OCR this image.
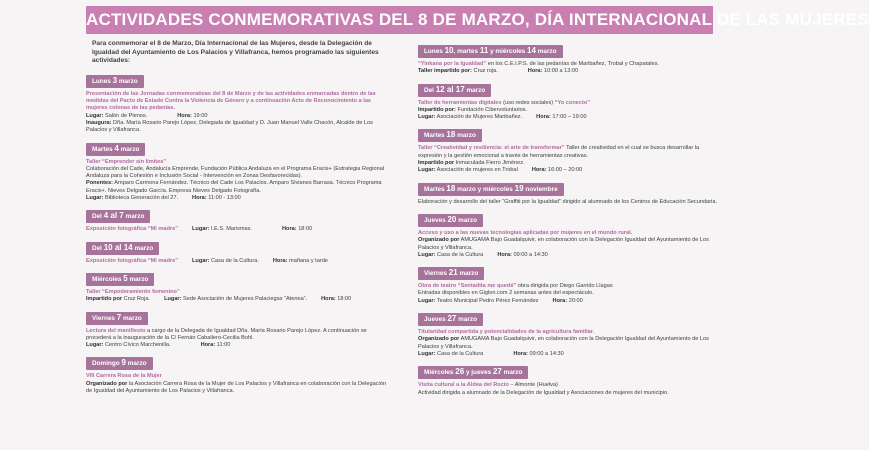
ACTIVIDADES CONMEMORATIVAS DEL 8 DE MARZO, DÍA INTERNACIONAL DE LAS MUJERES
Para conmemorar el 8 de Marzo, Día Internacional de las Mujeres, desde la Delegación de Igualdad del Ayuntamiento de Los Palacios y Villafranca, hemos programado las siguientes actividades:
Lunes 3 marzo
Presentación de las Jornadas conmemorativas del 8 de Marzo y de las actividades enmarcadas dentro de las medidas del Pacto de Estado Contra la Violencia de Género y a continuación Acto de Reconocimiento a las mujeres colonas de las pedanías.
Lugar: Salón de Plenos.	Hora: 19:00
Inaugura: Dña. María Rosario Parejo López, Delegada de Igualdad y D. Juan Manuel Valle Chacón, Alcalde de Los Palacios y Villafranca.
Martes 4 marzo
Taller “Emprender sin límites”
Colaboración del Cade, Andalucía Emprende, Fundación Pública Andaluza en el Programa Eracis+ (Estrategia Regional Andaluza para la Cohesión e Inclusión Social - Intervención en Zonas Desfavorecidas).
Ponentes: Amparo Carmona Fernández. Técnico del Cade Los Palacios. Amparo Sivianes Barrasa. Técnico Programa Eracis+. Nieves Delgado García. Empresa Nieves Delgado Fotografía.
Lugar: Biblioteca Generación del 27.	Hora: 11:00 - 13:00
Del 4 al 7 marzo
Exposición fotográfica “Mi madre”	Lugar: I.E.S. Marismas.	Hora: 18:00
Del 10 al 14 marzo
Exposición fotográfica “Mi madre”	Lugar: Casa de la Cultura.	Hora: mañana y tarde
Miércoles 5 marzo
Taller “Empoderamiento femenino”
Impartido por Cruz Roja.	Lugar: Sede Asociación de Mujeres Palaciegas “Atenea”.	Hora: 18:00
Viernes 7 marzo
Lectura del manifiesto a cargo de la Delegada de Igualdad Dña. María Rosario Parejo López. A continuación se procederá a la inauguración de la C/ Fernán Caballero-Cecilia Bohl.
Lugar: Centro Cívico Marchenilla.	Hora: 11:00
Domingo 9 marzo
VIII Carrera Rosa de la Mujer
Organizado por la Asociación Carrera Rosa de la Mujer de Los Palacios y Villafranca en colaboración con la Delegación de Igualdad del Ayuntamiento de Los Palacios y Villafranca.
Lunes 10, martes 11 y miércoles 14 marzo
“Yinkana por la Igualdad” en los C.E.I.P.S. de las pedanías de Maribañez, Trobal y Chapatales.
Taller impartido por: Cruz roja.	Hora: 10:00 a 13:00
Del 12 al 17 marzo
Taller de herramientas digitales (uso redes sociales) “Yo conecto”
Impartido por: Fundación Cibervoluntarios.
Lugar: Asociación de Mujeres Maribañez.	Hora: 17:00 – 19:00
Martes 18 marzo
Taller “Creatividad y resiliencia: el arte de transformar” Taller de creatividad en el cual se busca desarrollar la expresión y la gestión emocional a través de herramientas creativas.
Impartido por Inmaculada Fierro Jiménez.
Lugar: Asociación de mujeres en Trobal	Hora: 16:00 – 20:00
Martes 18 marzo y miércoles 19 noviembre
Elaboración y desarrollo del taller “Graffiti por la Igualdad” dirigido al alumnado de los Centros de Educación Secundaria.
Jueves 20 marzo
Acceso y uso a las nuevas tecnologías aplicadas por mujeres en el mundo rural.
Organizado por AMUGAMA Bajo Guadalquivir, en colaboración con la Delegación Igualdad del Ayuntamiento de Los Palacios y Villafranca.
Lugar: Casa de la Cultura	Hora: 09:00 a 14:30
Viernes 21 marzo
Obra de teatro “Sentadita me quedé” obra dirigida por Diego Garrido Llagas
Entradas disponibles en Giglon.com 2 semanas antes del espectáculo.
Lugar: Teatro Municipal Pedro Pérez Fernández	Hora: 20:00
Jueves 27 marzo
Titularidad compartida y potencialidades de la agricultura familiar.
Organizado por AMUGAMA Bajo Guadalquivir, en colaboración con la Delegación Igualdad del Ayuntamiento de Los Palacios y Villafranca.
Lugar: Casa de la Cultura	Hora: 09:00 a 14:30
Miércoles 26 y jueves 27 marzo
Visita cultural a la Aldea del Rocío – Almonte (Huelva)
Actividad dirigida a alumnado de la Delegación de Igualdad y Asociaciones de mujeres del municipio.
